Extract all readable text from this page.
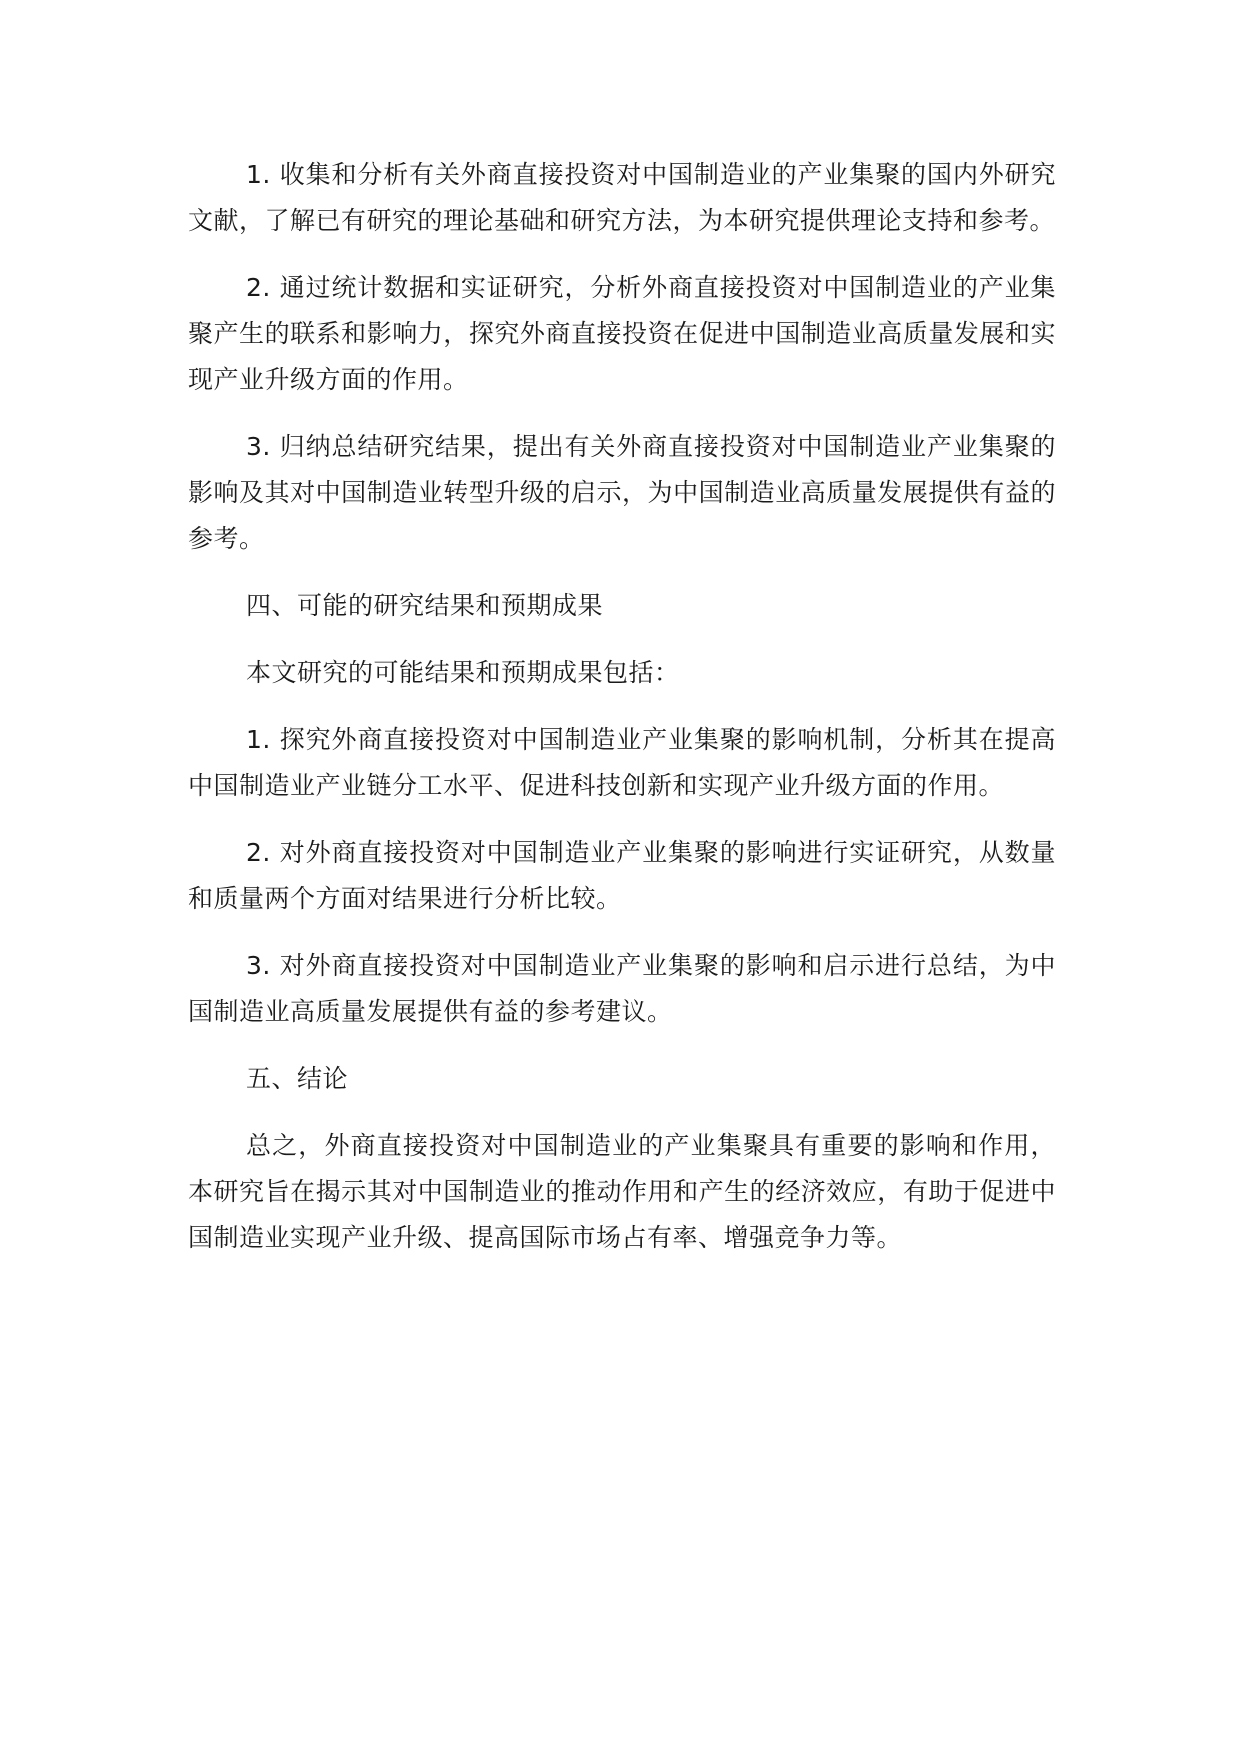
1. 收集和分析有关外商直接投资对中国制造业的产业集聚的国内外研究文献，了解已有研究的理论基础和研究方法，为本研究提供理论支持和参考。

2. 通过统计数据和实证研究，分析外商直接投资对中国制造业的产业集聚产生的联系和影响力，探究外商直接投资在促进中国制造业高质量发展和实现产业升级方面的作用。

3. 归纳总结研究结果，提出有关外商直接投资对中国制造业产业集聚的影响及其对中国制造业转型升级的启示，为中国制造业高质量发展提供有益的参考。

四、可能的研究结果和预期成果

本文研究的可能结果和预期成果包括：

1. 探究外商直接投资对中国制造业产业集聚的影响机制，分析其在提高中国制造业产业链分工水平、促进科技创新和实现产业升级方面的作用。

2. 对外商直接投资对中国制造业产业集聚的影响进行实证研究，从数量和质量两个方面对结果进行分析比较。

3. 对外商直接投资对中国制造业产业集聚的影响和启示进行总结，为中国制造业高质量发展提供有益的参考建议。

五、结论

总之，外商直接投资对中国制造业的产业集聚具有重要的影响和作用，本研究旨在揭示其对中国制造业的推动作用和产生的经济效应，有助于促进中国制造业实现产业升级、提高国际市场占有率、增强竞争力等。
